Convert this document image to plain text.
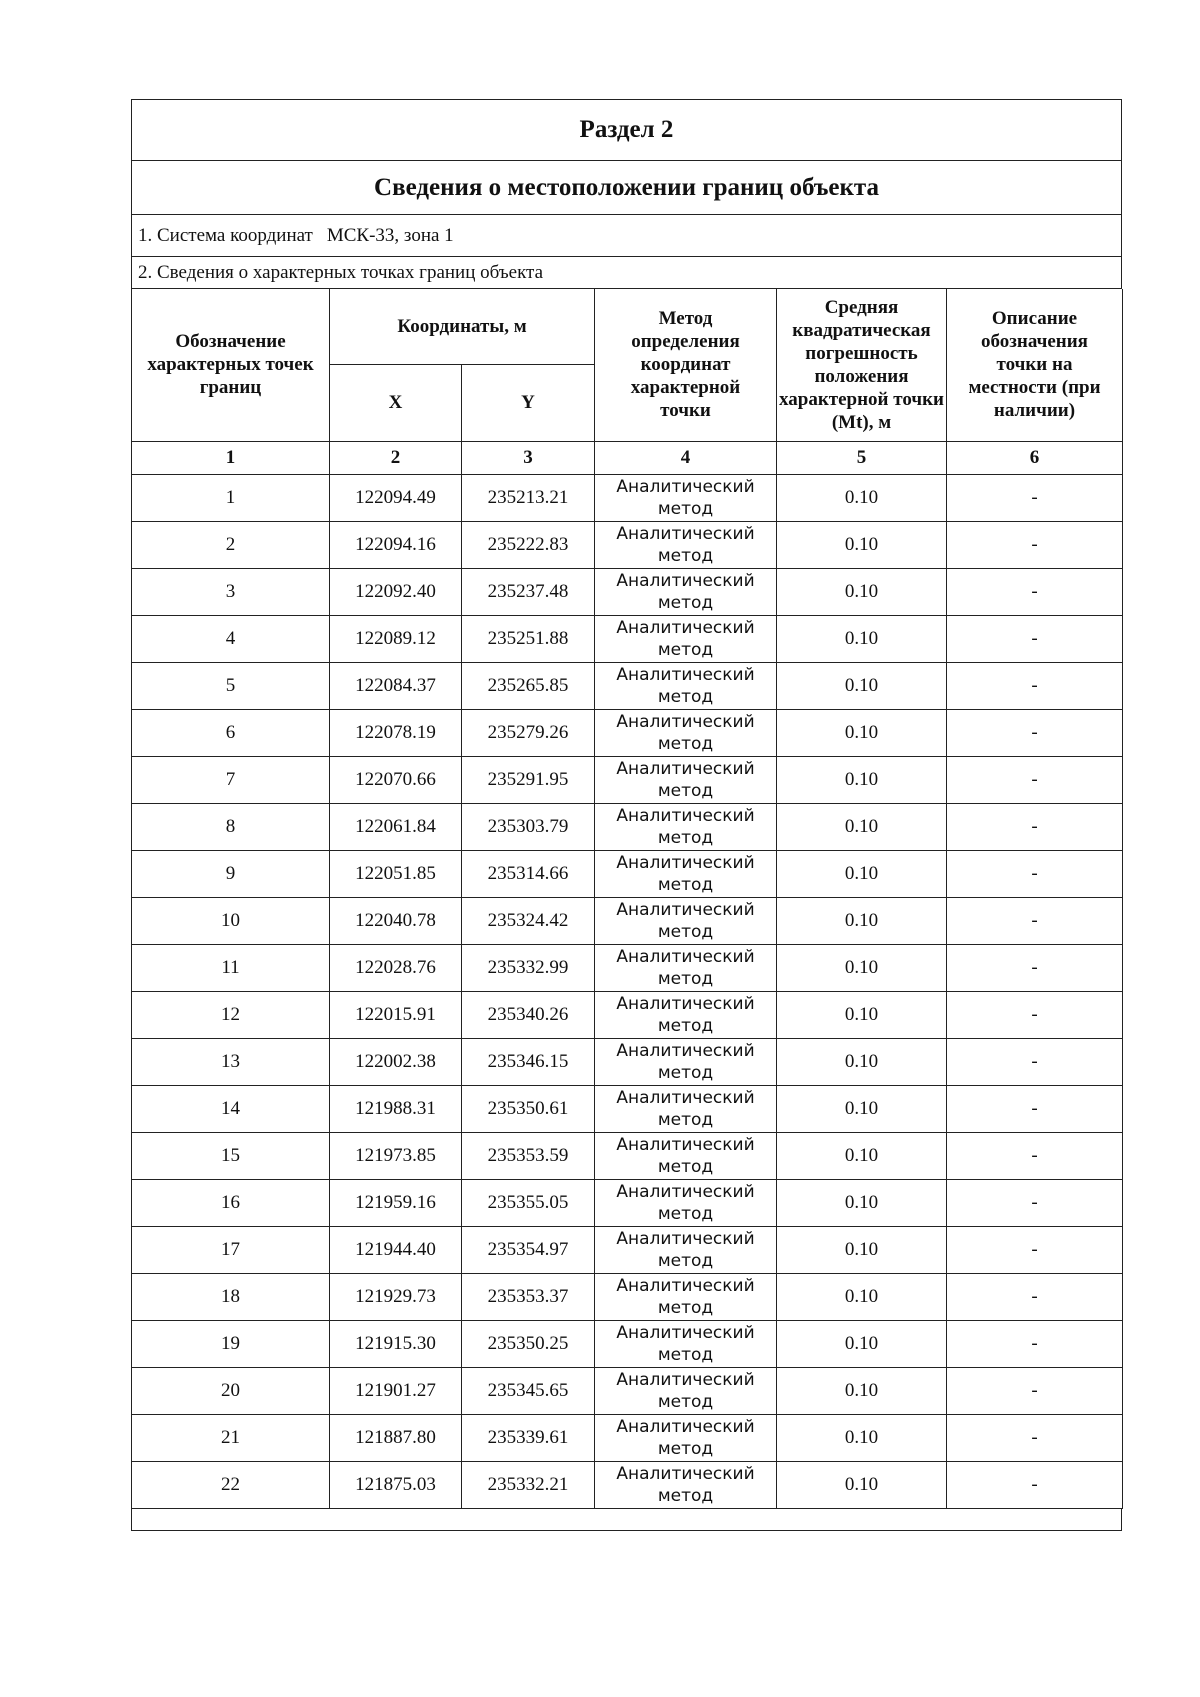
Раздел 2
Сведения о местоположении границ объекта
1. Система координат МСК-33, зона 1
2. Сведения о характерных точках границ объекта
Обозначение характерных точек границ	Координаты, м		Метод определения координат характерной точки	Средняя квадратическая погрешность положения характерной точки (Mt), м	Описание обозначения точки на местности (при наличии)
	X	Y			
1	2	3	4	5	6
1	122094.49	235213.21	Аналитический метод	0.10	-
2	122094.16	235222.83	Аналитический метод	0.10	-
3	122092.40	235237.48	Аналитический метод	0.10	-
4	122089.12	235251.88	Аналитический метод	0.10	-
5	122084.37	235265.85	Аналитический метод	0.10	-
6	122078.19	235279.26	Аналитический метод	0.10	-
7	122070.66	235291.95	Аналитический метод	0.10	-
8	122061.84	235303.79	Аналитический метод	0.10	-
9	122051.85	235314.66	Аналитический метод	0.10	-
10	122040.78	235324.42	Аналитический метод	0.10	-
11	122028.76	235332.99	Аналитический метод	0.10	-
12	122015.91	235340.26	Аналитический метод	0.10	-
13	122002.38	235346.15	Аналитический метод	0.10	-
14	121988.31	235350.61	Аналитический метод	0.10	-
15	121973.85	235353.59	Аналитический метод	0.10	-
16	121959.16	235355.05	Аналитический метод	0.10	-
17	121944.40	235354.97	Аналитический метод	0.10	-
18	121929.73	235353.37	Аналитический метод	0.10	-
19	121915.30	235350.25	Аналитический метод	0.10	-
20	121901.27	235345.65	Аналитический метод	0.10	-
21	121887.80	235339.61	Аналитический метод	0.10	-
22	121875.03	235332.21	Аналитический метод	0.10	-
